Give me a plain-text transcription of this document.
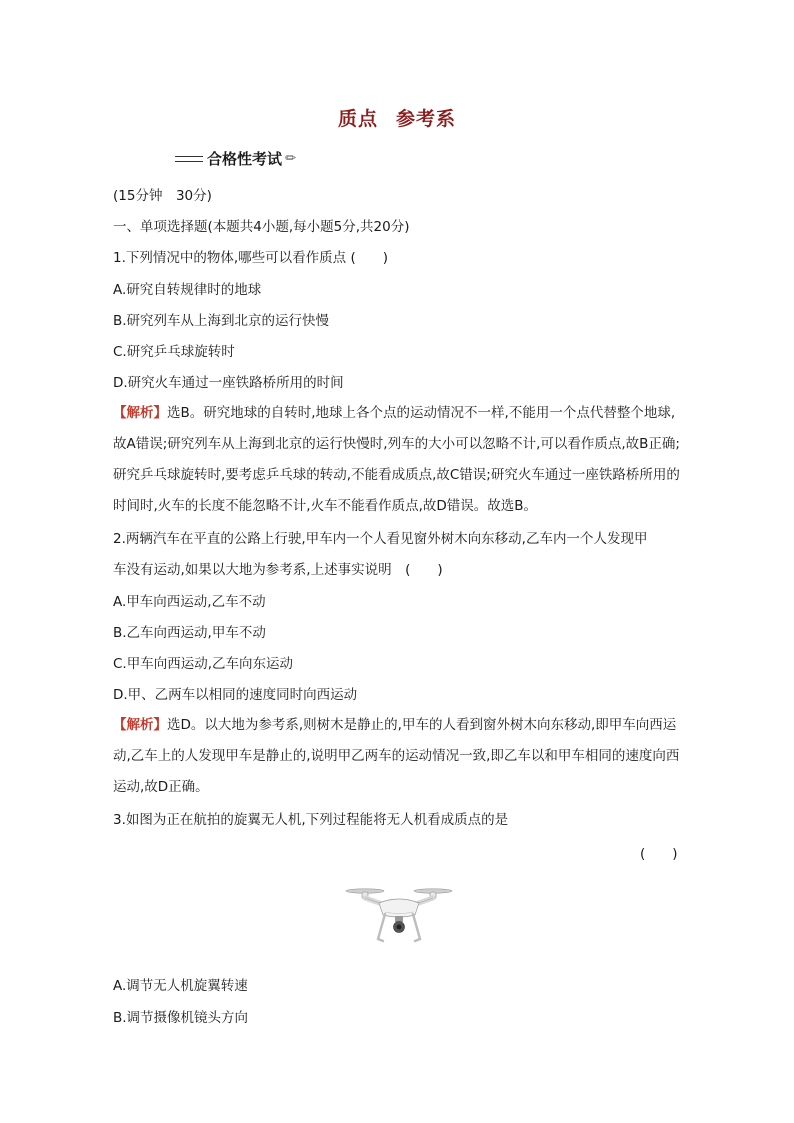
质点 参考系
合格性考试 ✎
(15分钟　30分)
一、单项选择题(本题共4小题,每小题5分,共20分)
1.下列情况中的物体,哪些可以看作质点 (　　)
A.研究自转规律时的地球
B.研究列车从上海到北京的运行快慢
C.研究乒乓球旋转时
D.研究火车通过一座铁路桥所用的时间
【解析】选B。研究地球的自转时,地球上各个点的运动情况不一样,不能用一个点代替整个地球,故A错误;研究列车从上海到北京的运行快慢时,列车的大小可以忽略不计,可以看作质点,故B正确;研究乒乓球旋转时,要考虑乒乓球的转动,不能看成质点,故C错误;研究火车通过一座铁路桥所用的时间时,火车的长度不能忽略不计,火车不能看作质点,故D错误。故选B。
2.两辆汽车在平直的公路上行驶,甲车内一个人看见窗外树木向东移动,乙车内一个人发现甲
车没有运动,如果以大地为参考系,上述事实说明　(　　)
A.甲车向西运动,乙车不动
B.乙车向西运动,甲车不动
C.甲车向西运动,乙车向东运动
D.甲、乙两车以相同的速度同时向西运动
【解析】选D。以大地为参考系,则树木是静止的,甲车的人看到窗外树木向东移动,即甲车向西运动,乙车上的人发现甲车是静止的,说明甲乙两车的运动情况一致,即乙车以和甲车相同的速度向西运动,故D正确。
3.如图为正在航拍的旋翼无人机,下列过程能将无人机看成质点的是
(　　)
A.调节无人机旋翼转速
B.调节摄像机镜头方向
